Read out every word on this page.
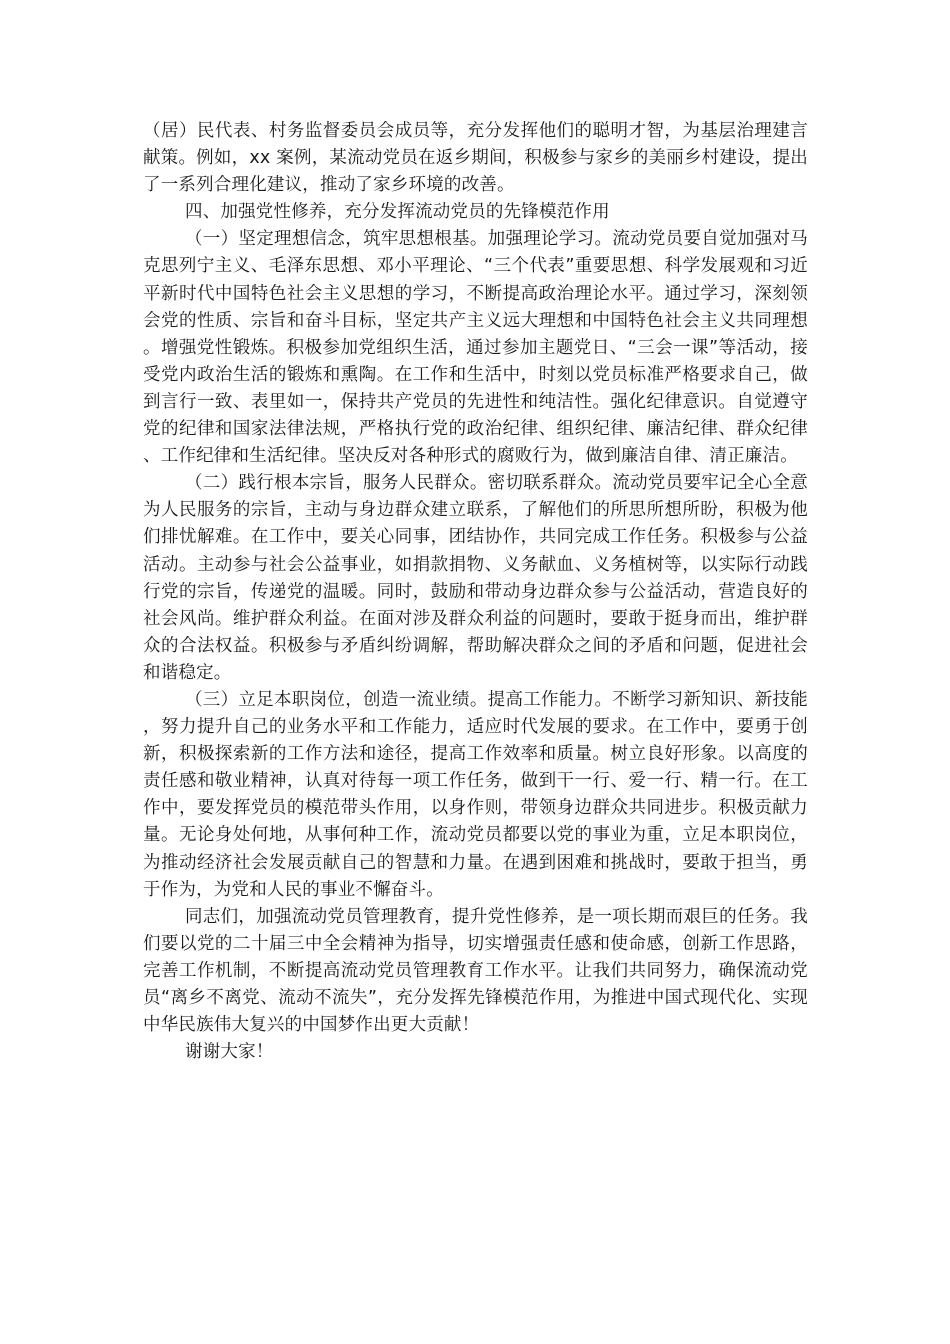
（居）民代表、村务监督委员会成员等，充分发挥他们的聪明才智，为基层治理建言献策。例如，xx 案例，某流动党员在返乡期间，积极参与家乡的美丽乡村建设，提出了一系列合理化建议，推动了家乡环境的改善。

四、加强党性修养，充分发挥流动党员的先锋模范作用

（一）坚定理想信念，筑牢思想根基。加强理论学习。流动党员要自觉加强对马克思列宁主义、毛泽东思想、邓小平理论、“三个代表”重要思想、科学发展观和习近平新时代中国特色社会主义思想的学习，不断提高政治理论水平。通过学习，深刻领会党的性质、宗旨和奋斗目标，坚定共产主义远大理想和中国特色社会主义共同理想。增强党性锻炼。积极参加党组织生活，通过参加主题党日、“三会一课”等活动，接受党内政治生活的锻炼和熏陶。在工作和生活中，时刻以党员标准严格要求自己，做到言行一致、表里如一，保持共产党员的先进性和纯洁性。强化纪律意识。自觉遵守党的纪律和国家法律法规，严格执行党的政治纪律、组织纪律、廉洁纪律、群众纪律、工作纪律和生活纪律。坚决反对各种形式的腐败行为，做到廉洁自律、清正廉洁。

（二）践行根本宗旨，服务人民群众。密切联系群众。流动党员要牢记全心全意为人民服务的宗旨，主动与身边群众建立联系，了解他们的所思所想所盼，积极为他们排忧解难。在工作中，要关心同事，团结协作，共同完成工作任务。积极参与公益活动。主动参与社会公益事业，如捐款捐物、义务献血、义务植树等，以实际行动践行党的宗旨，传递党的温暖。同时，鼓励和带动身边群众参与公益活动，营造良好的社会风尚。维护群众利益。在面对涉及群众利益的问题时，要敢于挺身而出，维护群众的合法权益。积极参与矛盾纠纷调解，帮助解决群众之间的矛盾和问题，促进社会和谐稳定。

（三）立足本职岗位，创造一流业绩。提高工作能力。不断学习新知识、新技能，努力提升自己的业务水平和工作能力，适应时代发展的要求。在工作中，要勇于创新，积极探索新的工作方法和途径，提高工作效率和质量。树立良好形象。以高度的责任感和敬业精神，认真对待每一项工作任务，做到干一行、爱一行、精一行。在工作中，要发挥党员的模范带头作用，以身作则，带领身边群众共同进步。积极贡献力量。无论身处何地，从事何种工作，流动党员都要以党的事业为重，立足本职岗位，为推动经济社会发展贡献自己的智慧和力量。在遇到困难和挑战时，要敢于担当，勇于作为，为党和人民的事业不懈奋斗。

同志们，加强流动党员管理教育，提升党性修养，是一项长期而艰巨的任务。我们要以党的二十届三中全会精神为指导，切实增强责任感和使命感，创新工作思路，完善工作机制，不断提高流动党员管理教育工作水平。让我们共同努力，确保流动党员“离乡不离党、流动不流失”，充分发挥先锋模范作用，为推进中国式现代化、实现中华民族伟大复兴的中国梦作出更大贡献！

谢谢大家！
